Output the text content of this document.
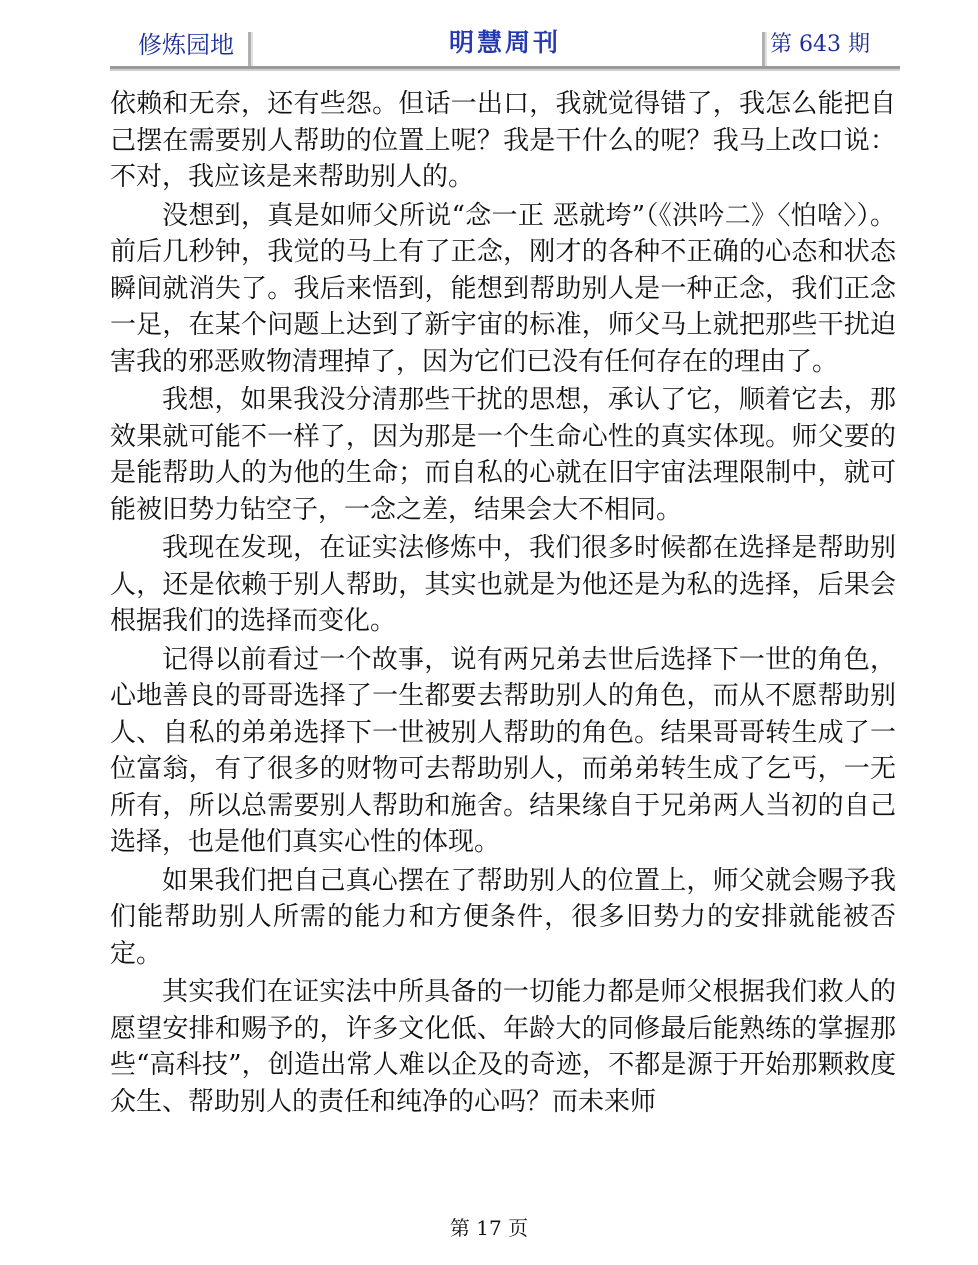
修炼园地	明慧周刊	第 643 期

依赖和无奈，还有些怨。但话一出口，我就觉得错了，我怎么能把自己摆在需要别人帮助的位置上呢？我是干什么的呢？我马上改口说：不对，我应该是来帮助别人的。

没想到，真是如师父所说“念一正 恶就垮”（《洪吟二》〈怕啥〉）。前后几秒钟，我觉的马上有了正念，刚才的各种不正确的心态和状态瞬间就消失了。我后来悟到，能想到帮助别人是一种正念，我们正念一足，在某个问题上达到了新宇宙的标准，师父马上就把那些干扰迫害我的邪恶败物清理掉了，因为它们已没有任何存在的理由了。

我想，如果我没分清那些干扰的思想，承认了它，顺着它去，那效果就可能不一样了，因为那是一个生命心性的真实体现。师父要的是能帮助人的为他的生命；而自私的心就在旧宇宙法理限制中，就可能被旧势力钻空子，一念之差，结果会大不相同。

我现在发现，在证实法修炼中，我们很多时候都在选择是帮助别人，还是依赖于别人帮助，其实也就是为他还是为私的选择，后果会根据我们的选择而变化。

记得以前看过一个故事，说有两兄弟去世后选择下一世的角色，心地善良的哥哥选择了一生都要去帮助别人的角色，而从不愿帮助别人、自私的弟弟选择下一世被别人帮助的角色。结果哥哥转生成了一位富翁，有了很多的财物可去帮助别人，而弟弟转生成了乞丐，一无所有，所以总需要别人帮助和施舍。结果缘自于兄弟两人当初的自己选择，也是他们真实心性的体现。

如果我们把自己真心摆在了帮助别人的位置上，师父就会赐予我们能帮助别人所需的能力和方便条件，很多旧势力的安排就能被否定。

其实我们在证实法中所具备的一切能力都是师父根据我们救人的愿望安排和赐予的，许多文化低、年龄大的同修最后能熟练的掌握那些“高科技”，创造出常人难以企及的奇迹，不都是源于开始那颗救度众生、帮助别人的责任和纯净的心吗？而未来师

第 17 页
